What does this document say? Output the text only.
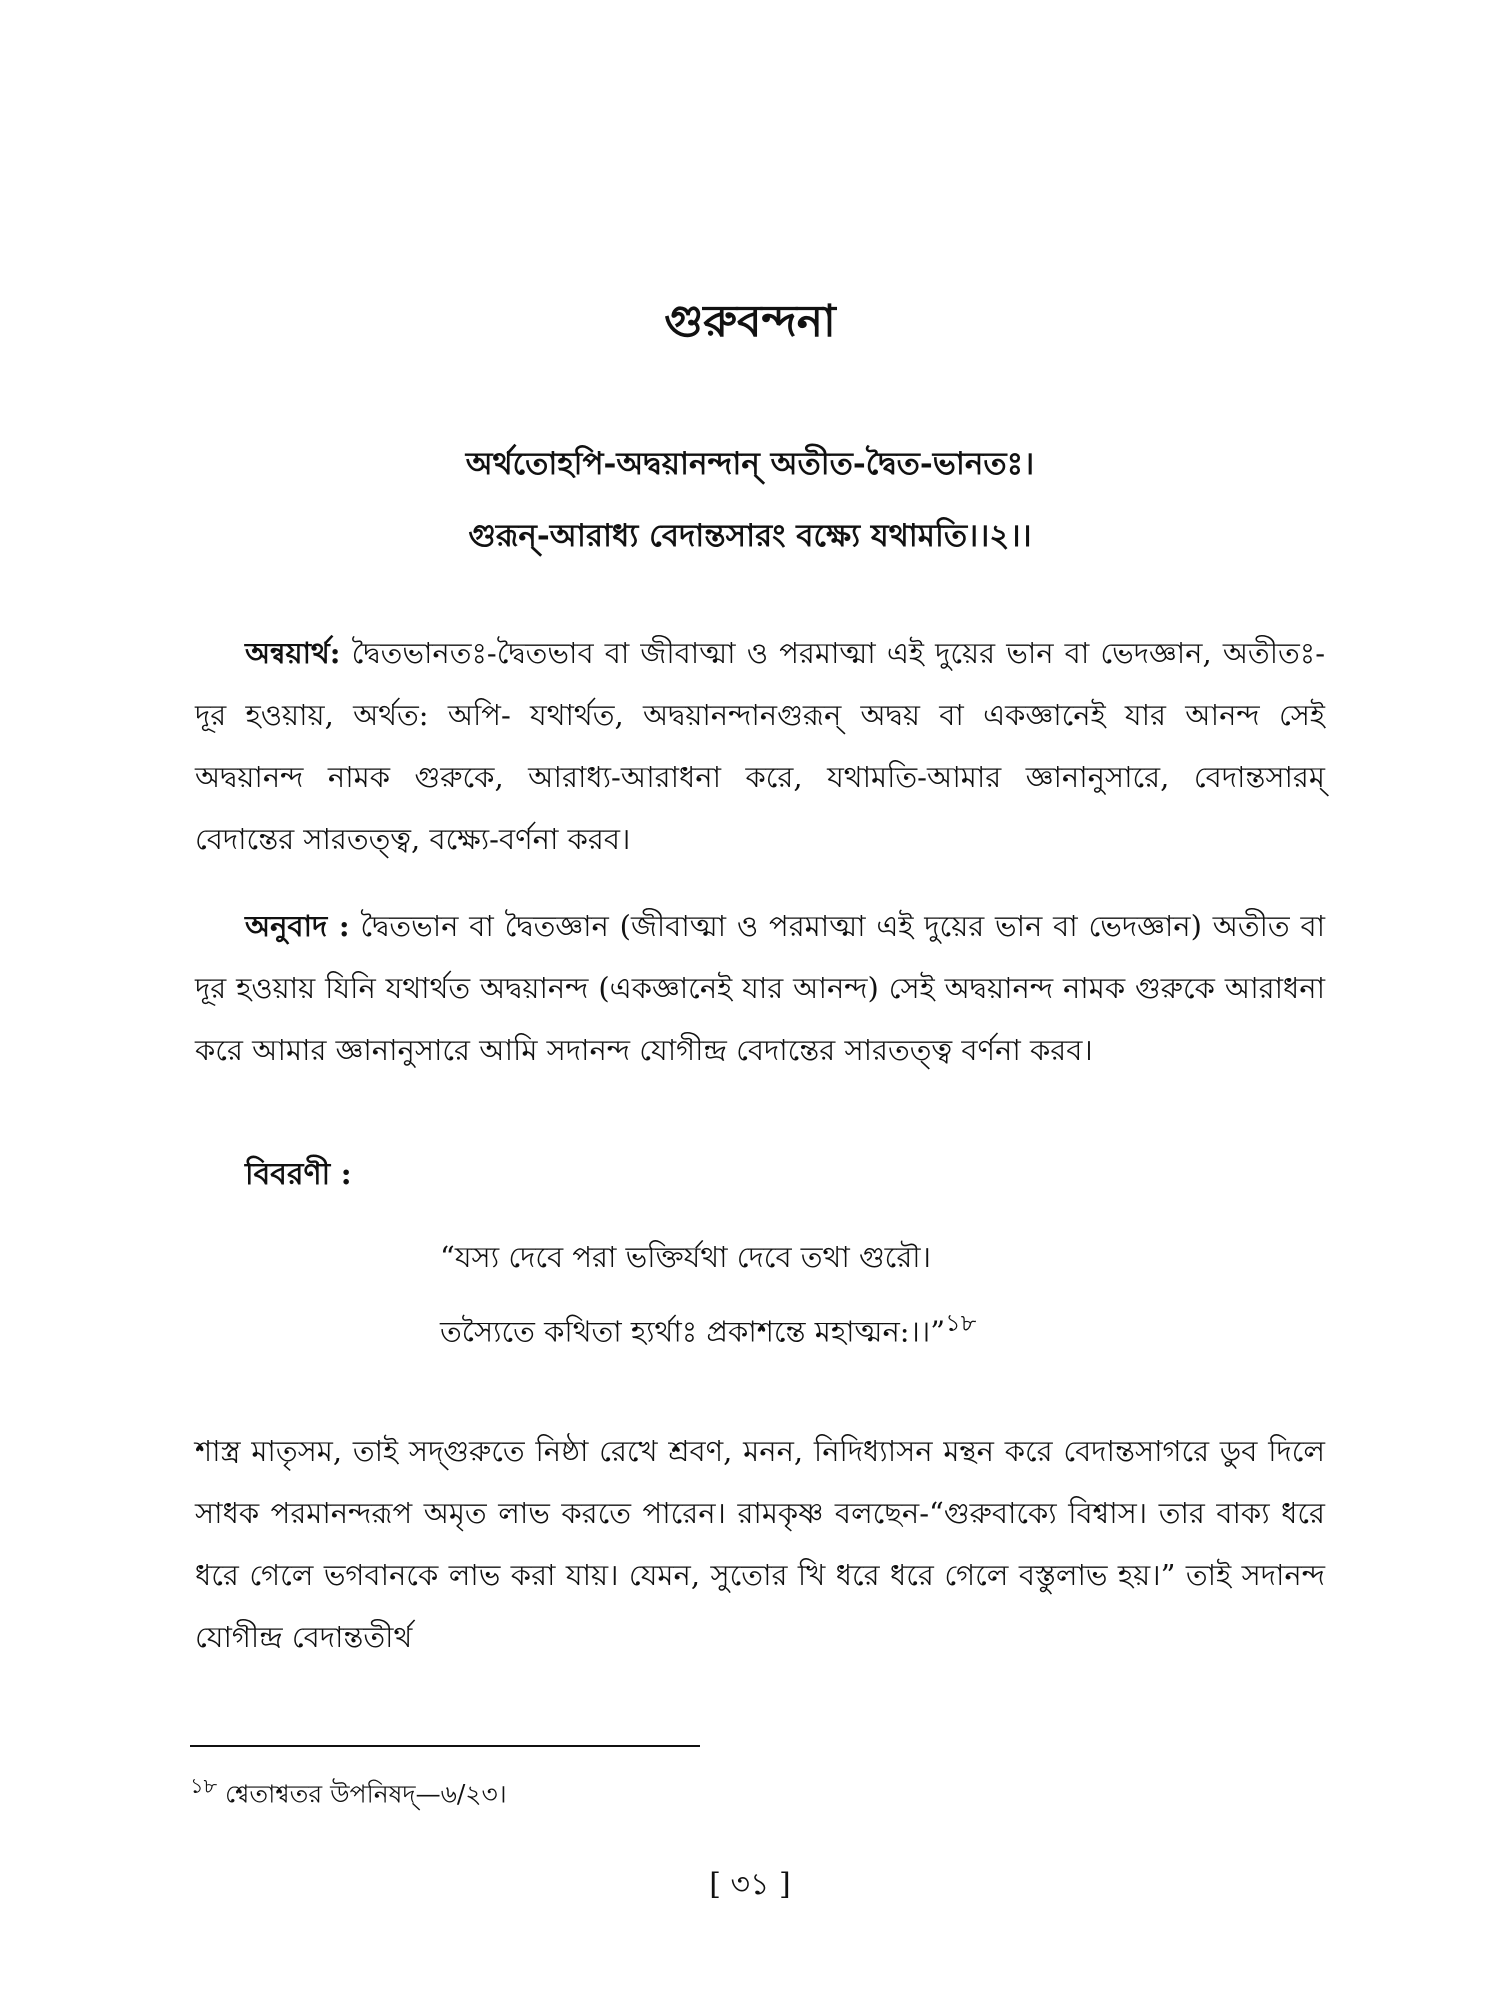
গুরুবন্দনা
অর্থতোহপি-অদ্বয়ানন্দান্ অতীত-দ্বৈত-ভানতঃ।
গুরূন্-আরাধ্য বেদান্তসারং বক্ষ্যে যথামতি।।২।।

অন্বয়ার্থ: দ্বৈতভানতঃ-দ্বৈতভাব বা জীবাত্মা ও পরমাত্মা এই দুয়ের ভান বা ভেদজ্ঞান, অতীতঃ-দূর হওয়ায়, অর্থত: অপি- যথার্থত, অদ্বয়ানন্দানগুরূন্ অদ্বয় বা একজ্ঞানেই যার আনন্দ সেই অদ্বয়ানন্দ নামক গুরুকে, আরাধ্য-আরাধনা করে, যথামতি-আমার জ্ঞানানুসারে, বেদান্তসারম্ বেদান্তের সারতত্ত্ব, বক্ষ্যে-বর্ণনা করব।

অনুবাদ : দ্বৈতভান বা দ্বৈতজ্ঞান (জীবাত্মা ও পরমাত্মা এই দুয়ের ভান বা ভেদজ্ঞান) অতীত বা দূর হওয়ায় যিনি যথার্থত অদ্বয়ানন্দ (একজ্ঞানেই যার আনন্দ) সেই অদ্বয়ানন্দ নামক গুরুকে আরাধনা করে আমার জ্ঞানানুসারে আমি সদানন্দ যোগীন্দ্র বেদান্তের সারতত্ত্ব বর্ণনা করব।

বিবরণী :
“যস্য দেবে পরা ভক্তির্যথা দেবে তথা গুরৌ।
তস্যৈতে কথিতা হ্যর্থাঃ প্রকাশন্তে মহাত্মন:।।”$^{১৮}$

শাস্ত্র মাতৃসম, তাই সদ্গুরুতে নিষ্ঠা রেখে শ্রবণ, মনন, নিদিধ্যাসন মন্থন করে বেদান্তসাগরে ডুব দিলে সাধক পরমানন্দরূপ অমৃত লাভ করতে পারেন। রামকৃষ্ণ বলছেন-“গুরুবাক্যে বিশ্বাস। তার বাক্য ধরে ধরে গেলে ভগবানকে লাভ করা যায়। যেমন, সুতোর খি ধরে ধরে গেলে বস্তুলাভ হয়।” তাই সদানন্দ যোগীন্দ্র বেদান্ততীর্থ

$^{১৮}$ শ্বেতাশ্বতর উপনিষদ্—৬/২৩।
[ ৩১ ]
